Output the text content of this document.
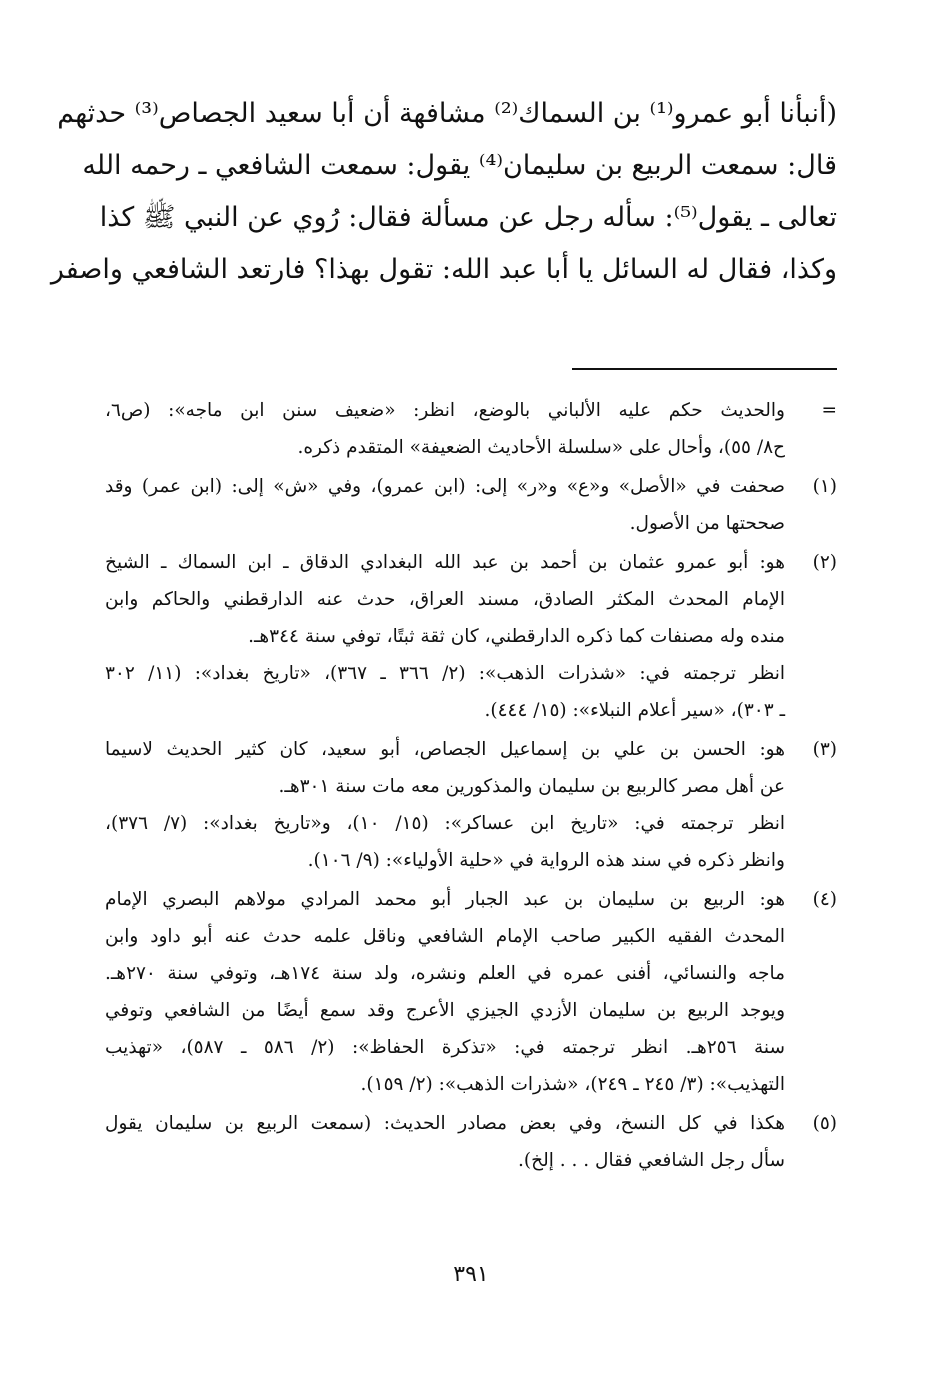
(أنبأنا أبو عمرو⁽¹⁾ بن السماك⁽²⁾ مشافهة أن أبا سعيد الجصاص⁽³⁾ حدثهم
قال: سمعت الربيع بن سليمان⁽⁴⁾ يقول: سمعت الشافعي ـ رحمه الله
تعالى ـ يقول⁽⁵⁾: سأله رجل عن مسألة فقال: رُوي عن النبي ﷺ كذا
وكذا، فقال له السائل يا أبا عبد الله: تقول بهذا؟ فارتعد الشافعي واصفر
=
والحديث حكم عليه الألباني بالوضع، انظر: «ضعيف سنن ابن ماجه»: (ص٦،
ح٨/ ٥٥)، وأحال على «سلسلة الأحاديث الضعيفة» المتقدم ذكره.
(١)
صحفت في «الأصل» و«ع» و«ر» إلى: (ابن عمرو)، وفي «ش» إلى: (ابن عمر) وقد
صححتها من الأصول.
(٢)
هو: أبو عمرو عثمان بن أحمد بن عبد الله البغدادي الدقاق ـ ابن السماك ـ الشيخ
الإمام المحدث المكثر الصادق، مسند العراق، حدث عنه الدارقطني والحاكم وابن
منده وله مصنفات كما ذكره الدارقطني، كان ثقة ثبتًا، توفي سنة ٣٤٤هـ.
انظر ترجمته في: «شذرات الذهب»: (٢/ ٣٦٦ ـ ٣٦٧)، «تاريخ بغداد»: (١١/ ٣٠٢
ـ ٣٠٣)، «سير أعلام النبلاء»: (١٥/ ٤٤٤).
(٣)
هو: الحسن بن علي بن إسماعيل الجصاص، أبو سعيد، كان كثير الحديث لاسيما
عن أهل مصر كالربيع بن سليمان والمذكورين معه مات سنة ٣٠١هـ.
انظر ترجمته في: «تاريخ ابن عساكر»: (١٥/ ١٠)، و«تاريخ بغداد»: (٧/ ٣٧٦)،
وانظر ذكره في سند هذه الرواية في «حلية الأولياء»: (٩/ ١٠٦).
(٤)
هو: الربيع بن سليمان بن عبد الجبار أبو محمد المرادي مولاهم البصري الإمام
المحدث الفقيه الكبير صاحب الإمام الشافعي وناقل علمه حدث عنه أبو داود وابن
ماجه والنسائي، أفنى عمره في العلم ونشره، ولد سنة ١٧٤هـ، وتوفي سنة ٢٧٠هـ.
ويوجد الربيع بن سليمان الأزدي الجيزي الأعرج وقد سمع أيضًا من الشافعي وتوفي
سنة ٢٥٦هـ. انظر ترجمته في: «تذكرة الحفاظ»: (٢/ ٥٨٦ ـ ٥٨٧)، «تهذيب
التهذيب»: (٣/ ٢٤٥ ـ ٢٤٩)، «شذرات الذهب»: (٢/ ١٥٩).
(٥)
هكذا في كل النسخ، وفي بعض مصادر الحديث: (سمعت الربيع بن سليمان يقول
سأل رجل الشافعي فقال . . . إلخ).
٣٩١
